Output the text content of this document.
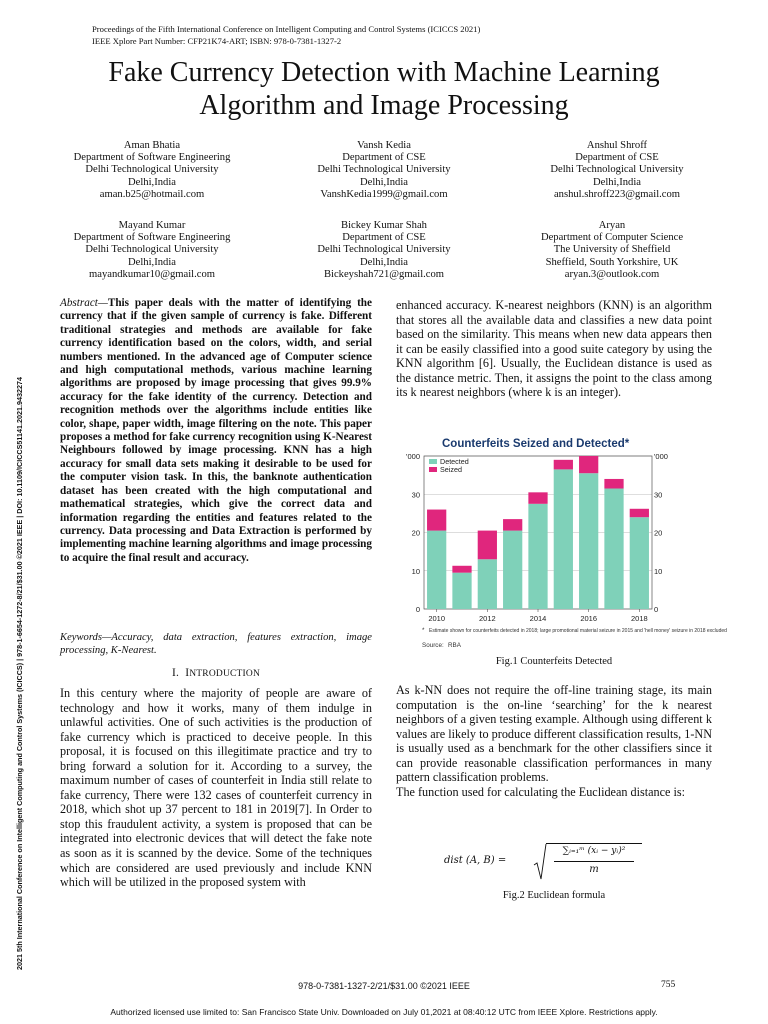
Proceedings of the Fifth International Conference on Intelligent Computing and Control Systems (ICICCS 2021)
IEEE Xplore Part Number: CFP21K74-ART; ISBN: 978-0-7381-1327-2
Fake Currency Detection with Machine Learning
Algorithm and Image Processing
Aman Bhatia
Department of Software Engineering
Delhi Technological University
Delhi,India
aman.b25@hotmail.com
Vansh Kedia
Department of CSE
Delhi Technological University
Delhi,India
VanshKedia1999@gmail.com
Anshul Shroff
Department of CSE
Delhi Technological University
Delhi,India
anshul.shroff223@gmail.com
Mayand Kumar
Department of Software Engineering
Delhi Technological University
Delhi,India
mayandkumar10@gmail.com
Bickey Kumar Shah
Department of CSE
Delhi Technological University
Delhi,India
Bickeyshah721@gmail.com
Aryan
Department of Computer Science
The University of Sheffield
Sheffield, South Yorkshire, UK
aryan.3@outlook.com
2021 5th International Conference on Intelligent Computing and Control Systems (ICICCS) | 978-1-6654-1272-8/21/$31.00 ©2021 IEEE | DOI: 10.1109/ICICCS51141.2021.9432274
Abstract—This paper deals with the matter of identifying the currency that if the given sample of currency is fake. Different traditional strategies and methods are available for fake currency identification based on the colors, width, and serial numbers mentioned. In the advanced age of Computer science and high computational methods, various machine learning algorithms are proposed by image processing that gives 99.9% accuracy for the fake identity of the currency. Detection and recognition methods over the algorithms include entities like color, shape, paper width, image filtering on the note. This paper proposes a method for fake currency recognition using K-Nearest Neighbours followed by image processing. KNN has a high accuracy for small data sets making it desirable to be used for the computer vision task. In this, the banknote authentication dataset has been created with the high computational and mathematical strategies, which give the correct data and information regarding the entities and features related to the currency. Data processing and Data Extraction is performed by implementing machine learning algorithms and image processing to acquire the final result and accuracy.
Keywords—Accuracy, data extraction, features extraction, image processing, K-Nearest.
I. INTRODUCTION
In this century where the majority of people are aware of technology and how it works, many of them indulge in unlawful activities. One of such activities is the production of fake currency which is practiced to deceive people. In this proposal, it is focused on this illegitimate practice and try to bring forward a solution for it. According to a survey, the maximum number of cases of counterfeit in India still relate to fake currency, There were 132 cases of counterfeit currency in 2018, which shot up 37 percent to 181 in 2019[7]. In Order to stop this fraudulent activity, a system is proposed that can be integrated into electronic devices that will detect the fake note as soon as it is scanned by the device. Some of the techniques which are considered are used previously and include KNN which will be utilized in the proposed system with
enhanced accuracy. K-nearest neighbors (KNN) is an algorithm that stores all the available data and classifies a new data point based on the similarity. This means when new data appears then it can be easily classified into a good suite category by using the KNN algorithm [6]. Usually, the Euclidean distance is used as the distance metric. Then, it assigns the point to the class among its k nearest neighbors (where k is an integer).
Counterfeits Seized and Detected*
0	0
10	10
20	20
30	30
'000	'000
2010	2012	2014	2016	2018
Detected
Seized
* Estimate shown for counterfeits detected in 2018; large promotional material seizure in 2015 and 'hell money' seizure in 2018 excluded
Source: RBA
Fig.1 Counterfeits Detected
As k-NN does not require the off-line training stage, its main computation is the on-line ‘searching’ for the k nearest neighbors of a given testing example. Although using different k values are likely to produce different classification results, 1-NN is usually used as a benchmark for the other classifiers since it can provide reasonable classification performances in many pattern classification problems.
The function used for calculating the Euclidean distance is:
dist (A, B) =
∑ᵢ₌₁ᵐ (xᵢ − yᵢ)²
m
Fig.2 Euclidean formula
978-0-7381-1327-2/21/$31.00 ©2021 IEEE	755
Authorized licensed use limited to: San Francisco State Univ. Downloaded on July 01,2021 at 08:40:12 UTC from IEEE Xplore. Restrictions apply.
